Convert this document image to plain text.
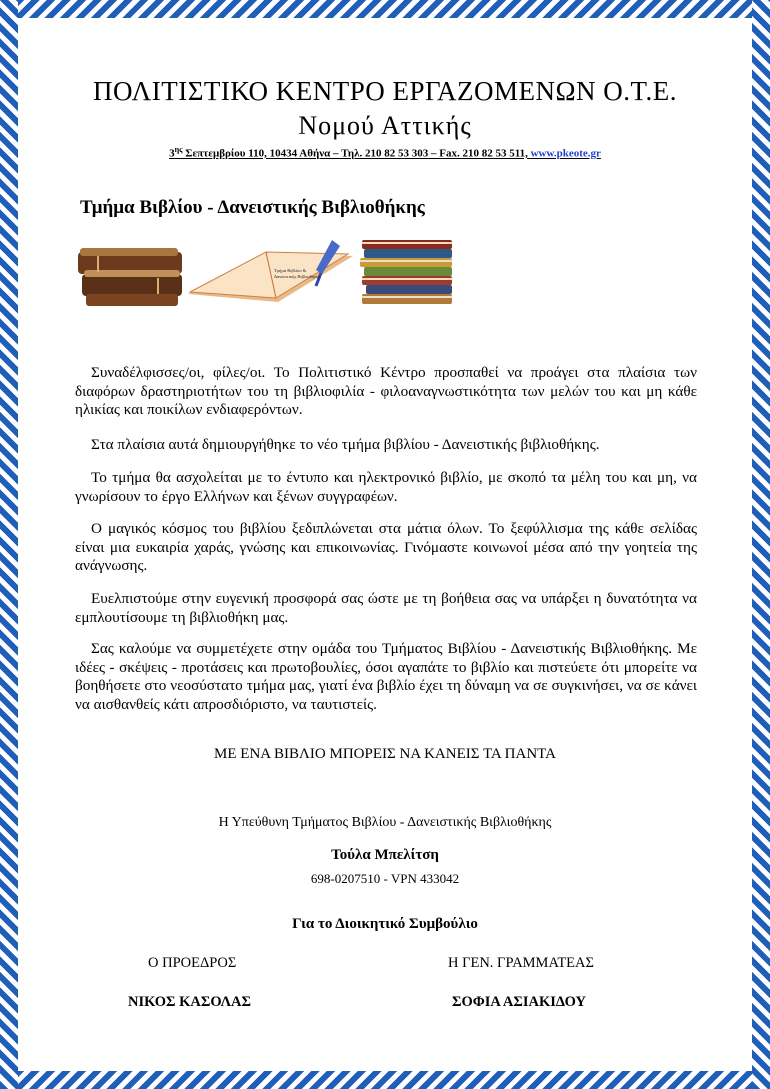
ΠΟΛΙΤΙΣΤΙΚΟ ΚΕΝΤΡΟ ΕΡΓΑΖΟΜΕΝΩΝ Ο.Τ.Ε.
Νομού Αττικής
$3^{\eta\varsigma}$ Σεπτεμβρίου 110, 10434 Αθήνα – Τηλ. 210 82 53 303 – Fax. 210 82 53 511, www.pkeote.gr
Τμήμα Βιβλίου - Δανειστικής Βιβλιοθήκης
Τμήμα Βιβλίου &
Δανειστικής Βιβλιοθήκης

Συναδέλφισσες/οι, φίλες/οι. Το Πολιτιστικό Κέντρο προσπαθεί να προάγει στα πλαίσια των διαφόρων δραστηριοτήτων του τη βιβλιοφιλία - φιλοαναγνωστικότητα των μελών του και μη κάθε ηλικίας και ποικίλων ενδιαφερόντων.

Στα πλαίσια αυτά δημιουργήθηκε το νέο τμήμα βιβλίου - Δανειστικής βιβλιοθήκης.

Το τμήμα θα ασχολείται με το έντυπο και ηλεκτρονικό βιβλίο, με σκοπό τα μέλη του και μη, να γνωρίσουν το έργο Ελλήνων και ξένων συγγραφέων.

Ο μαγικός κόσμος του βιβλίου ξεδιπλώνεται στα μάτια όλων. Το ξεφύλλισμα της κάθε σελίδας είναι μια ευκαιρία χαράς, γνώσης και επικοινωνίας. Γινόμαστε κοινωνοί μέσα από την γοητεία της ανάγνωσης.

Ευελπιστούμε στην ευγενική προσφορά σας ώστε με τη βοήθεια σας να υπάρξει η δυνατότητα να εμπλουτίσουμε τη βιβλιοθήκη μας.

Σας καλούμε να συμμετέχετε στην ομάδα του Τμήματος Βιβλίου - Δανειστικής Βιβλιοθήκης. Με ιδέες - σκέψεις - προτάσεις και πρωτοβουλίες, όσοι αγαπάτε το βιβλίο και πιστεύετε ότι μπορείτε να βοηθήσετε στο νεοσύστατο τμήμα μας, γιατί ένα βιβλίο έχει τη δύναμη να σε συγκινήσει, να σε κάνει να αισθανθείς κάτι απροσδιόριστο, να ταυτιστείς.

ΜΕ ΕΝΑ ΒΙΒΛΙΟ ΜΠΟΡΕΙΣ ΝΑ ΚΑΝΕΙΣ ΤΑ ΠΑΝΤΑ
Η Υπεύθυνη Τμήματος Βιβλίου - Δανειστικής Βιβλιοθήκης
Τούλα Μπελίτση
698-0207510 - VPN 433042
Για το Διοικητικό Συμβούλιο
Ο ΠΡΟΕΔΡΟΣ	Η ΓΕΝ. ΓΡΑΜΜΑΤΕΑΣ
ΝΙΚΟΣ ΚΑΣΟΛΑΣ	ΣΟΦΙΑ ΑΣΙΑΚΙΔΟΥ
